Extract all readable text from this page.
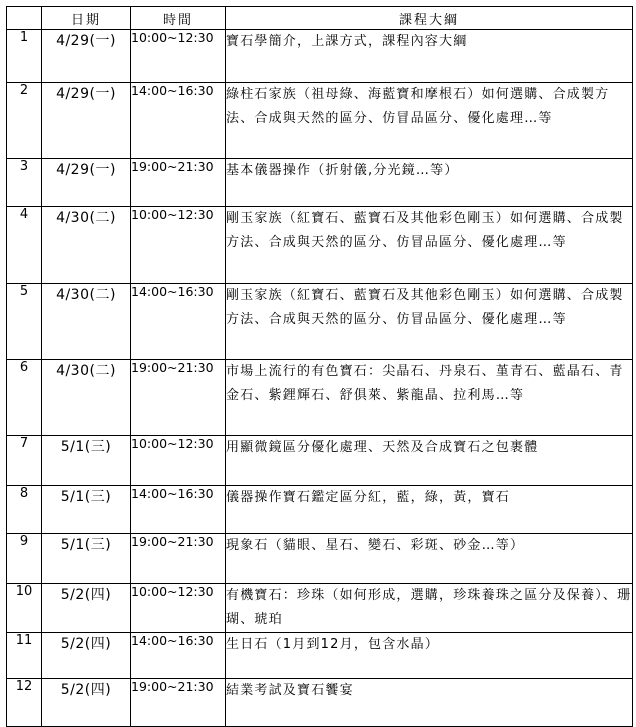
	日期	時間	課程大綱
1	4/29(一)	10:00~12:30	寶石學簡介，上課方式，課程內容大綱
2	4/29(一)	14:00~16:30	綠柱石家族（祖母綠、海藍寶和摩根石）如何選購、合成製方法、合成與天然的區分、仿冒品區分、優化處理…等
3	4/29(一)	19:00~21:30	基本儀器操作（折射儀,分光鏡…等）
4	4/30(二)	10:00~12:30	剛玉家族（紅寶石、藍寶石及其他彩色剛玉）如何選購、合成製方法、合成與天然的區分、仿冒品區分、優化處理…等
5	4/30(二)	14:00~16:30	剛玉家族（紅寶石、藍寶石及其他彩色剛玉）如何選購、合成製方法、合成與天然的區分、仿冒品區分、優化處理…等
6	4/30(二)	19:00~21:30	市場上流行的有色寶石：尖晶石、丹泉石、堇青石、藍晶石、青金石、紫鋰輝石、舒俱萊、紫龍晶、拉利馬…等
7	5/1(三)	10:00~12:30	用顯微鏡區分優化處理、天然及合成寶石之包裹體
8	5/1(三)	14:00~16:30	儀器操作寶石鑑定區分紅，藍，綠，黃，寶石
9	5/1(三)	19:00~21:30	現象石（貓眼、星石、變石、彩斑、砂金…等）
10	5/2(四)	10:00~12:30	有機寶石：珍珠（如何形成，選購，珍珠養珠之區分及保養）、珊瑚、琥珀
11	5/2(四)	14:00~16:30	生日石（1月到12月，包含水晶）
12	5/2(四)	19:00~21:30	結業考試及寶石饗宴
